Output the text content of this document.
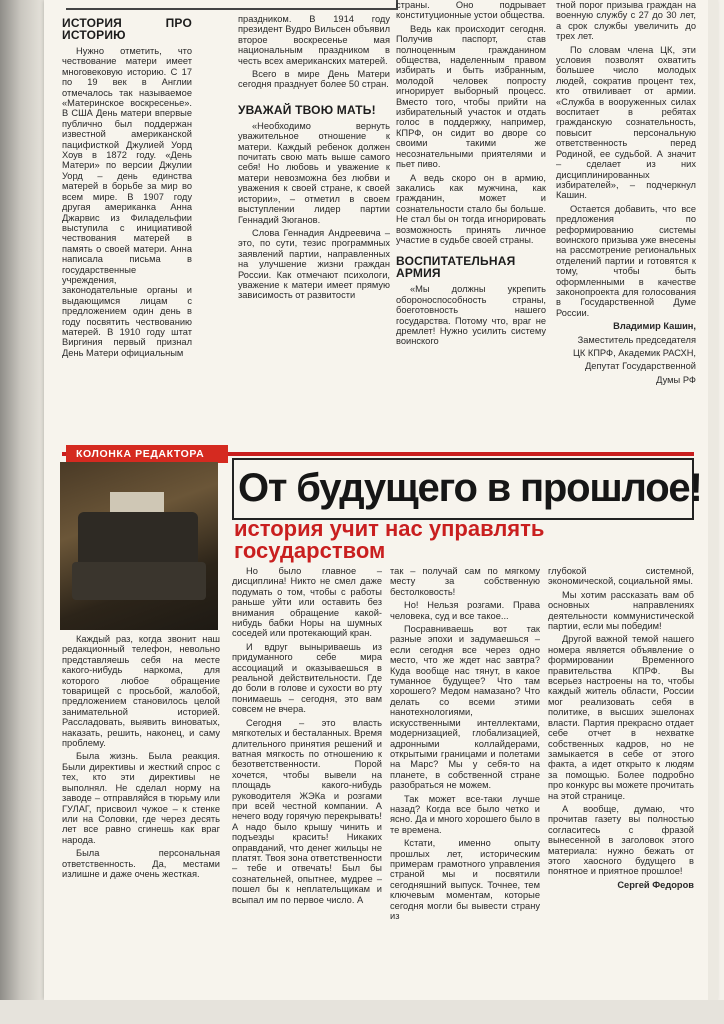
ИСТОРИЯ ПРО ИСТОРИЮ

Нужно отметить, что чествование матери имеет многовековую историю. С 17 по 19 век в Англии отмечалось так называемое «Материнское воскресенье». В США День матери впервые публично был поддержан известной американской пацифисткой Джулией Уорд Хоув в 1872 году. «День Матери» по версии Джулии Уорд – день единства матерей в борьбе за мир во всем мире. В 1907 году другая американка Анна Джарвис из Филадельфии выступила с инициативой чествования матерей в память о своей матери. Анна написала письма в государственные учреждения, законодательные органы и выдающимся лицам с предложением один день в году посвятить чествованию матерей. В 1910 году штат Виргиния первый признал День Матери официальным

праздником. В 1914 году президент Вудро Вильсен объявил второе воскресенье мая национальным праздником в честь всех американских матерей.

Всего в мире День Матери сегодня празднует более 50 стран.

УВАЖАЙ ТВОЮ МАТЬ!

«Необходимо вернуть уважительное отношение к матери. Каждый ребенок должен почитать свою мать выше самого себя! Но любовь и уважение к матери невозможна без любви и уважения к своей стране, к своей истории», – отметил в своем выступлении лидер партии Геннадий Зюганов.

Слова Геннадия Андреевича – это, по сути, тезис программных заявлений партии, направленных на улучшение жизни граждан России. Как отмечают психологи, уважение к матери имеет прямую зависимость от развитости

страны. Оно подрывает конституционные устои общества.

Ведь как происходит сегодня. Получив паспорт, став полноценным гражданином общества, наделенным правом избирать и быть избранным, молодой человек попросту игнорирует выборный процесс. Вместо того, чтобы прийти на избирательный участок и отдать голос в поддержку, например, КПРФ, он сидит во дворе со своими такими же несознательными приятелями и пьет пиво.

А ведь скоро он в армию, закались как мужчина, как гражданин, может и сознательности стало бы больше. Не стал бы он тогда игнорировать возможность принять личное участие в судьбе своей страны.

ВОСПИТАТЕЛЬНАЯ АРМИЯ

«Мы должны укрепить обороноспособность страны, боеготовность нашего государства. Потому что, враг не дремлет! Нужно усилить систему воинского

тной порог призыва граждан на военную службу с 27 до 30 лет, а срок службы увеличить до трех лет.

По словам члена ЦК, эти условия позволят охватить большее число молодых людей, сократив процент тех, кто отвиливает от армии. «Служба в вооруженных силах воспитает в ребятах гражданскую сознательность, повысит персональную ответственность перед Родиной, ее судьбой. А значит – сделает из них дисциплинированных избирателей», – подчеркнул Кашин.

Остается добавить, что все предложения по реформированию системы воинского призыва уже внесены на рассмотрение региональных отделений партии и готовятся к тому, чтобы быть оформленными в качестве законопроекта для голосования в Государственной Думе России.

Владимир Кашин,

Заместитель председателя

ЦК КПРФ, Академик РАСХН,

Депутат Государственной

Думы РФ

КОЛОНКА РЕДАКТОРА
От будущего в прошлое!
история учит нас управлять государством

Каждый раз, когда звонит наш редакционный телефон, невольно представляешь себя на месте какого-нибудь наркома, для которого любое обращение товарищей с просьбой, жалобой, предложением становилось целой занимательной историей. Рассладовать, выявить виноватых, наказать, решить, наконец, и саму проблему.

Была жизнь. Была реакция. Были директивы и жесткий спрос с тех, кто эти директивы не выполнял. Не сделал норму на заводе – отправляйся в тюрьму или ГУЛАГ, присвоил чужое – к стенке или на Соловки, где через десять лет все равно сгинешь как враг народа.

Была персональная ответственность. Да, местами излишне и даже очень жесткая.

Но было главное – дисциплина! Никто не смел даже подумать о том, чтобы с работы раньше уйти или оставить без внимания обращение какой-нибудь бабки Норы на шумных соседей или протекающий кран.

И вдруг выныриваешь из придуманного себе мира ассоциаций и оказываешься в реальной действительности. Где до боли в голове и сухости во рту понимаешь – сегодня, это вам совсем не вчера.

Сегодня – это власть мягкотелых и бесталанных. Время длительного принятия решений и ватная мягкость по отношению к безответственности. Порой хочется, чтобы вывели на площадь какого-нибудь руководителя ЖЭКа и розгами при всей честной компании. А нечего воду горячую перекрывать! А надо было крышу чинить и подъезды красить! Никаких оправданий, что денег жильцы не платят. Твоя зона ответственности – тебе и отвечать! Был бы сознательней, опытнее, мудрее – пошел бы к неплательщикам и всыпал им по первое число. А

так – получай сам по мягкому месту за собственную бестолковость!

Нo! Нельзя розгами. Права человека, суд и все такое...

Посравниваешь вот так разные эпохи и задумаешься – если сегодня все через одно место, что же ждет нас завтра? Куда вообще нас тянут, в какое туманное будущее? Что там хорошего? Медом намазано? Что делать со всеми этими нанотехнологиями, искусственными интеллектами, модернизацией, глобализацией, адронными коллайдерами, открытыми границами и полетами на Марс? Мы у себя-то на планете, в собственной стране разобраться не можем.

Так может все-таки лучше назад? Когда все было четко и ясно. Да и много хорошего было в те времена.

Кстати, именно опыту прошлых лет, историческим примерам грамотного управления страной мы и посвятили сегодняшний выпуск. Точнее, тем ключевым моментам, которые сегодня могли бы вывести страну из

глубокой системной, экономической, социальной ямы.

Мы хотим рассказать вам об основных направлениях деятельности коммунистической партии, если мы победим!

Другой важной темой нашего номера является объявление о формировании Временного правительства КПРФ. Вы всерьез настроены на то, чтобы каждый житель области, России мог реализовать себя в политике, в высших эшелонах власти. Партия прекрасно отдает себе отчет в нехватке собственных кадров, но не замыкается в себе от этого факта, а идет открыто к людям за помощью. Более подробно про конкурс вы можете прочитать на этой странице.

А вообще, думаю, что прочитав газету вы полностью согласитесь с фразой вынесенной в заголовок этого материала: нужно бежать от этого хаосного будущего в понятное и приятное прошлое!

Сергей Федоров
